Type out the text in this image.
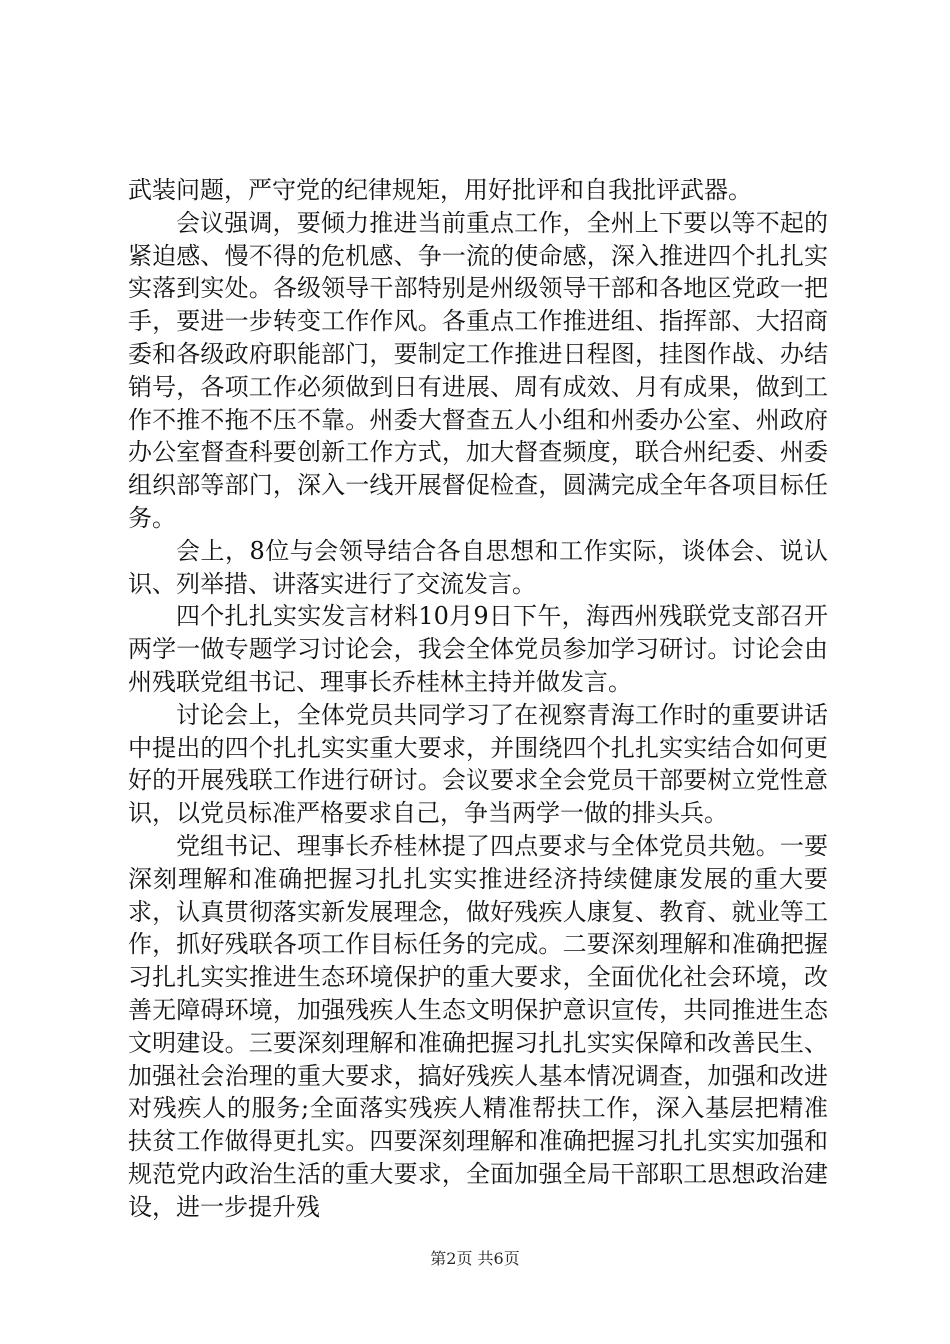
武装问题，严守党的纪律规矩，用好批评和自我批评武器。

会议强调，要倾力推进当前重点工作，全州上下要以等不起的紧迫感、慢不得的危机感、争一流的使命感，深入推进四个扎扎实实落到实处。各级领导干部特别是州级领导干部和各地区党政一把手，要进一步转变工作作风。各重点工作推进组、指挥部、大招商委和各级政府职能部门，要制定工作推进日程图，挂图作战、办结销号，各项工作必须做到日有进展、周有成效、月有成果，做到工作不推不拖不压不靠。州委大督查五人小组和州委办公室、州政府办公室督查科要创新工作方式，加大督查频度，联合州纪委、州委组织部等部门，深入一线开展督促检查，圆满完成全年各项目标任务。

会上，8位与会领导结合各自思想和工作实际，谈体会、说认识、列举措、讲落实进行了交流发言。

四个扎扎实实发言材料10月9日下午，海西州残联党支部召开两学一做专题学习讨论会，我会全体党员参加学习研讨。讨论会由州残联党组书记、理事长乔桂林主持并做发言。

讨论会上，全体党员共同学习了在视察青海工作时的重要讲话中提出的四个扎扎实实重大要求，并围绕四个扎扎实实结合如何更好的开展残联工作进行研讨。会议要求全会党员干部要树立党性意识，以党员标准严格要求自己，争当两学一做的排头兵。

党组书记、理事长乔桂林提了四点要求与全体党员共勉。一要深刻理解和准确把握习扎扎实实推进经济持续健康发展的重大要求，认真贯彻落实新发展理念，做好残疾人康复、教育、就业等工作，抓好残联各项工作目标任务的完成。二要深刻理解和准确把握习扎扎实实推进生态环境保护的重大要求，全面优化社会环境，改善无障碍环境，加强残疾人生态文明保护意识宣传，共同推进生态文明建设。三要深刻理解和准确把握习扎扎实实保障和改善民生、加强社会治理的重大要求，搞好残疾人基本情况调查，加强和改进对残疾人的服务;全面落实残疾人精准帮扶工作，深入基层把精准扶贫工作做得更扎实。四要深刻理解和准确把握习扎扎实实加强和规范党内政治生活的重大要求，全面加强全局干部职工思想政治建设，进一步提升残

第2页 共6页
